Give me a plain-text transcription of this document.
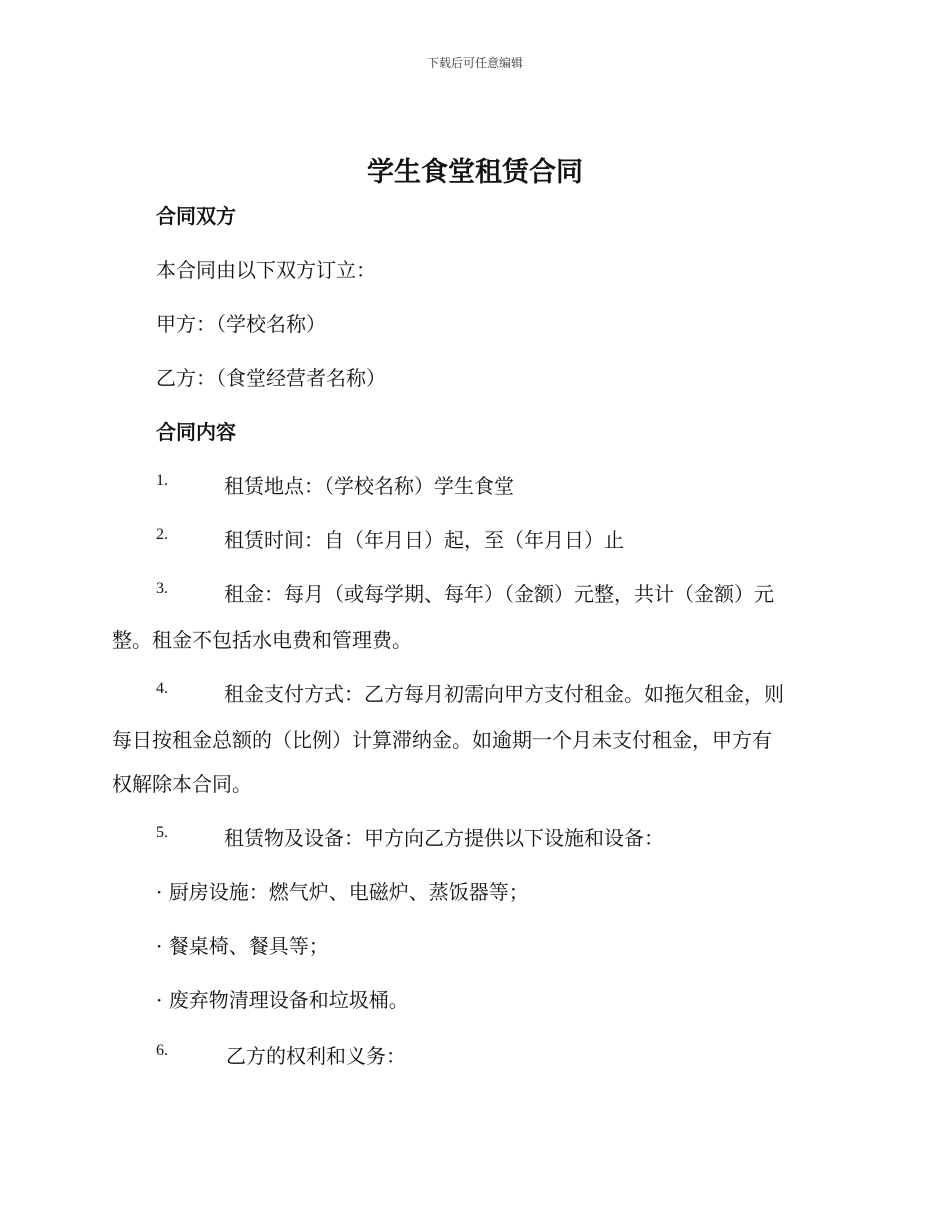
下载后可任意编辑
学生食堂租赁合同
合同双方
本合同由以下双方订立：
甲方：（学校名称）
乙方：（食堂经营者名称）
合同内容
1.	租赁地点：（学校名称）学生食堂
2.	租赁时间：自（年月日）起，至（年月日）止
3.	租金：每月（或每学期、每年）（金额）元整，共计（金额）元
整。租金不包括水电费和管理费。
4.	租金支付方式：乙方每月初需向甲方支付租金。如拖欠租金，则
每日按租金总额的（比例）计算滞纳金。如逾期一个月未支付租金，甲方有
权解除本合同。
5.	租赁物及设备：甲方向乙方提供以下设施和设备：
· 厨房设施：燃气炉、电磁炉、蒸饭器等；
· 餐桌椅、餐具等；
· 废弃物清理设备和垃圾桶。
6.	乙方的权利和义务：
